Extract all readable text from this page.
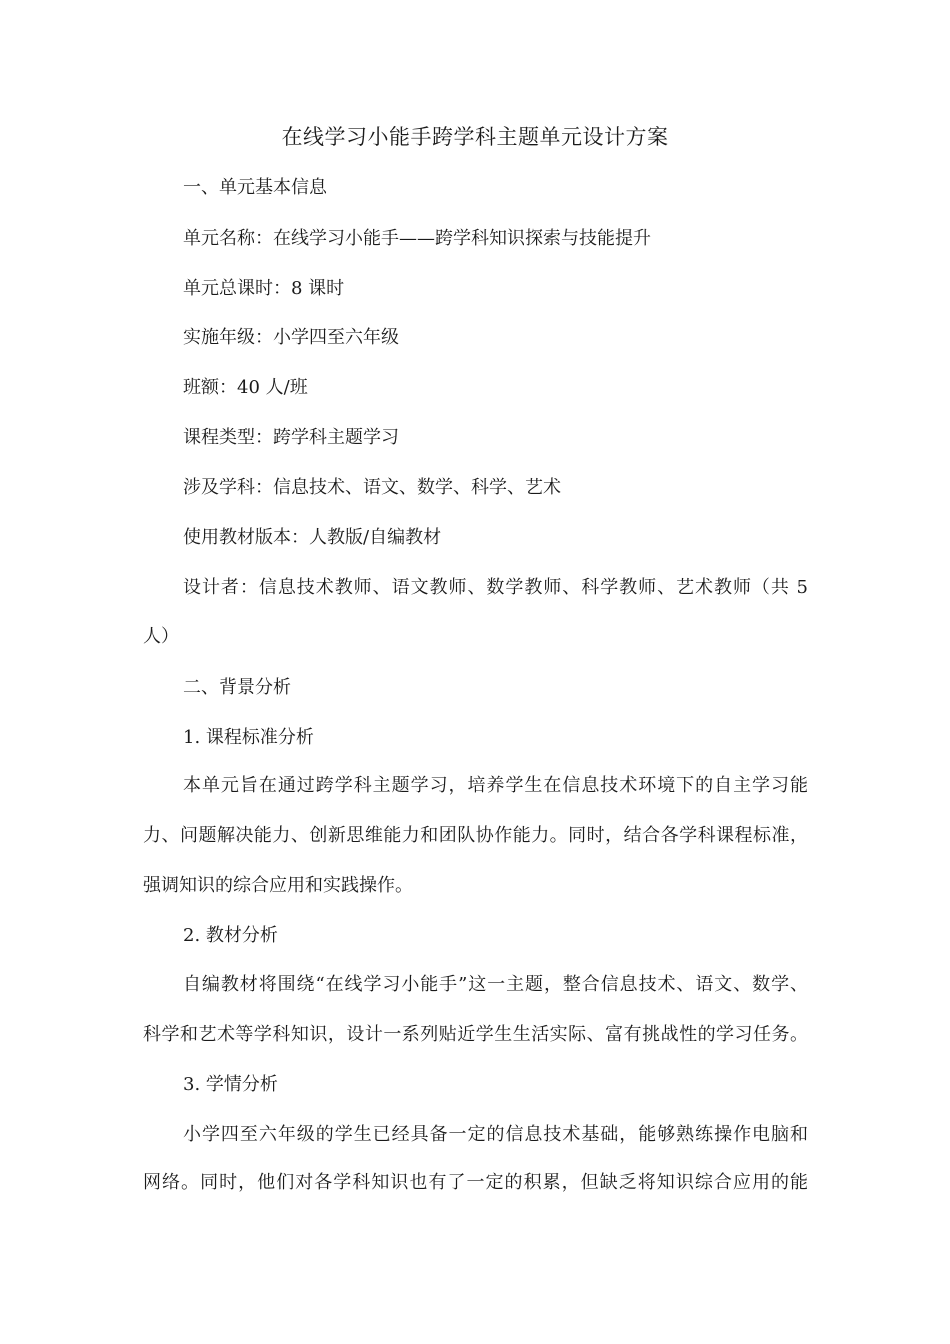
在线学习小能手跨学科主题单元设计方案
一、单元基本信息
单元名称：在线学习小能手——跨学科知识探索与技能提升
单元总课时：8 课时
实施年级：小学四至六年级
班额：40 人/班
课程类型：跨学科主题学习
涉及学科：信息技术、语文、数学、科学、艺术
使用教材版本：人教版/自编教材
设计者：信息技术教师、语文教师、数学教师、科学教师、艺术教师（共 5
人）
二、背景分析
1. 课程标准分析
本单元旨在通过跨学科主题学习，培养学生在信息技术环境下的自主学习能
力、问题解决能力、创新思维能力和团队协作能力。同时，结合各学科课程标准，
强调知识的综合应用和实践操作。
2. 教材分析
自编教材将围绕“在线学习小能手”这一主题，整合信息技术、语文、数学、
科学和艺术等学科知识，设计一系列贴近学生生活实际、富有挑战性的学习任务。
3. 学情分析
小学四至六年级的学生已经具备一定的信息技术基础，能够熟练操作电脑和
网络。同时，他们对各学科知识也有了一定的积累，但缺乏将知识综合应用的能
